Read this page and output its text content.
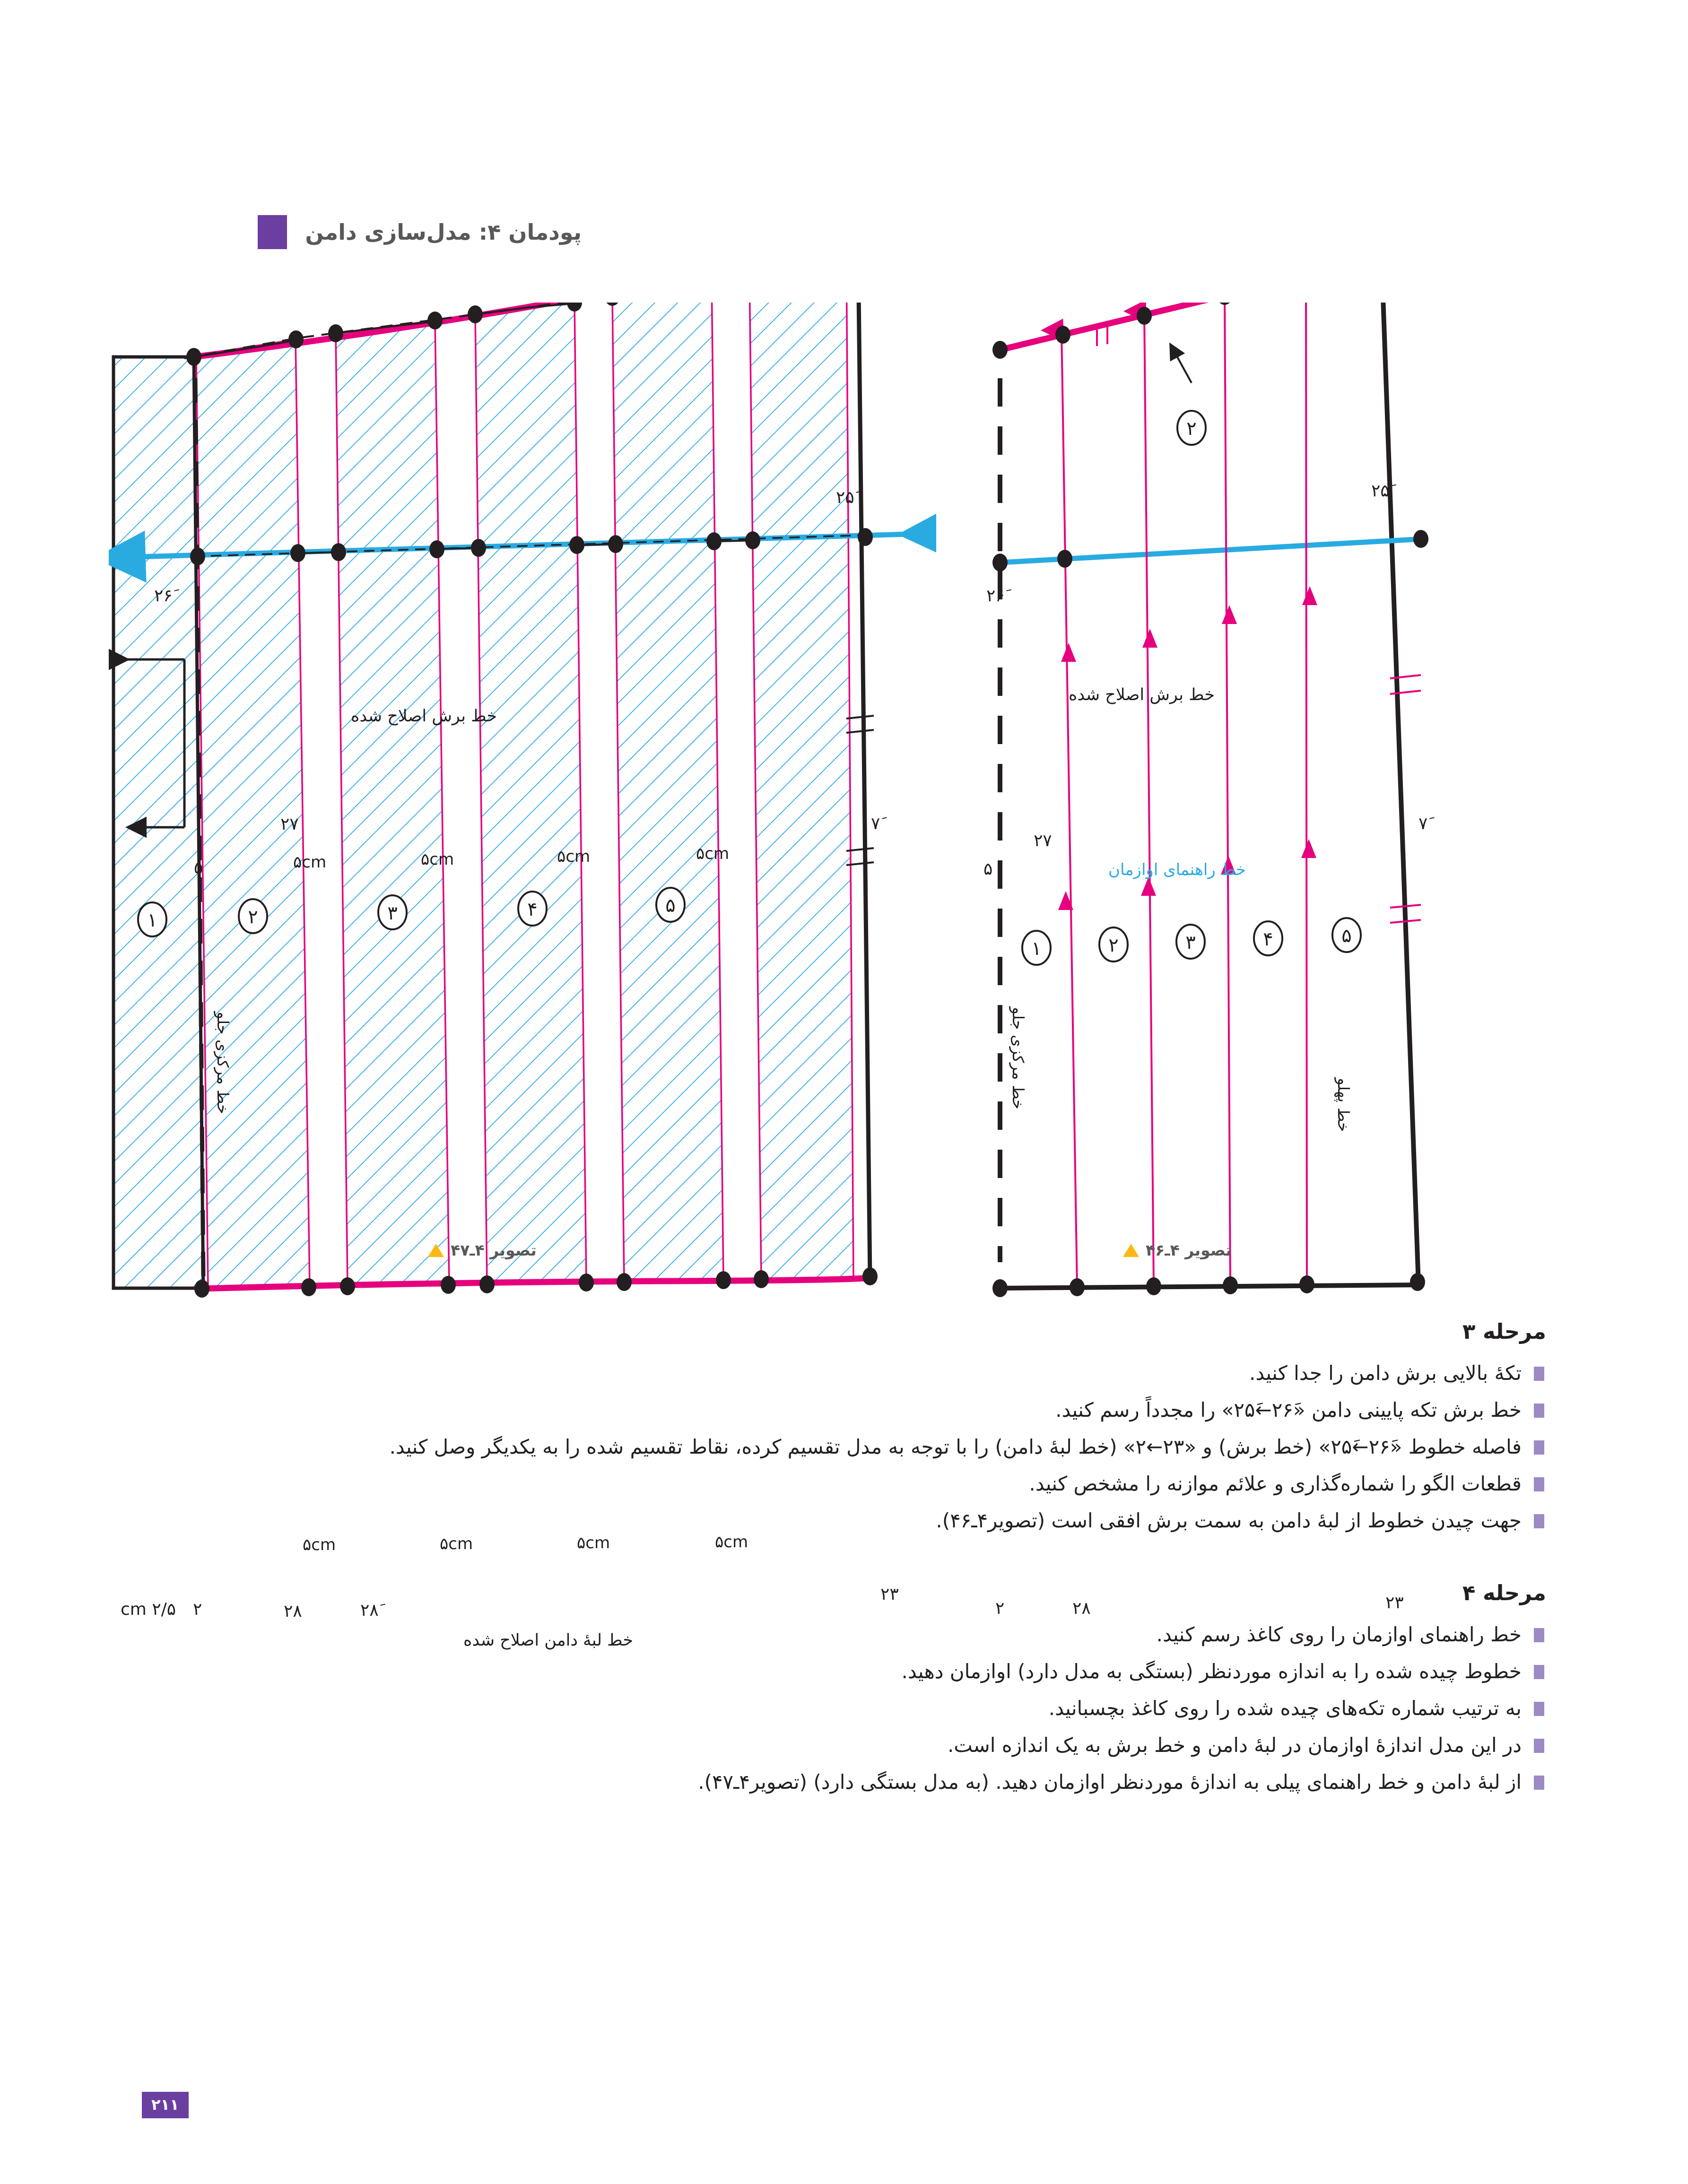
پودمان ۴: مدل‌سازی دامن
۱	۲	۳	۴	۵
۲۶َ
۲۵َ
۲۷	۷َ
۵
۲
۲/۵ cm	۲۸	۲۸َ
۲۳
۵cm	۵cm	۵cm	۵cm
۵cm	۵cm	۵cm	۵cm
خط برش اصلاح شده
خط لبۀ دامن اصلاح شده
خط مرکزی جلو
۱	۲	۳	۴	۵
۲
۲۶َ
۲۵َ
۵
۲۷
۷َ
۲	۲۸	۲۳
خط برش اصلاح شده
خط راهنمای اوازمان
خط مرکزی جلو	خط پهلو
تصویر ۴ـ۴۷	تصویر ۴ـ۴۶
مرحله ۳
تکۀ بالایی برش دامن را جدا کنید.
خط برش تکه پایینی دامن «۲۶َ←۲۵َ» را مجدداً رسم کنید.
فاصله خطوط «۲۶َ←۲۵َ» (خط برش) و «۲۳←۲» (خط لبۀ دامن) را با توجه به مدل تقسیم کرده، نقاط تقسیم شده را به یکدیگر وصل کنید.
قطعات الگو را شماره‌گذاری و علائم موازنه را مشخص کنید.
جهت چیدن خطوط از لبۀ دامن به سمت برش افقی است (تصویر۴ـ۴۶).
مرحله ۴
خط راهنمای اوازمان را روی کاغذ رسم کنید.
خطوط چیده شده را به اندازه موردنظر (بستگی به مدل دارد) اوازمان دهید.
به ترتیب شماره تکه‌های چیده شده را روی کاغذ بچسبانید.
در این مدل اندازۀ اوازمان در لبۀ دامن و خط برش به یک اندازه است.
از لبۀ دامن و خط راهنمای پیلی به اندازۀ موردنظر اوازمان دهید. (به مدل بستگی دارد) (تصویر۴ـ۴۷).
۲۱۱
